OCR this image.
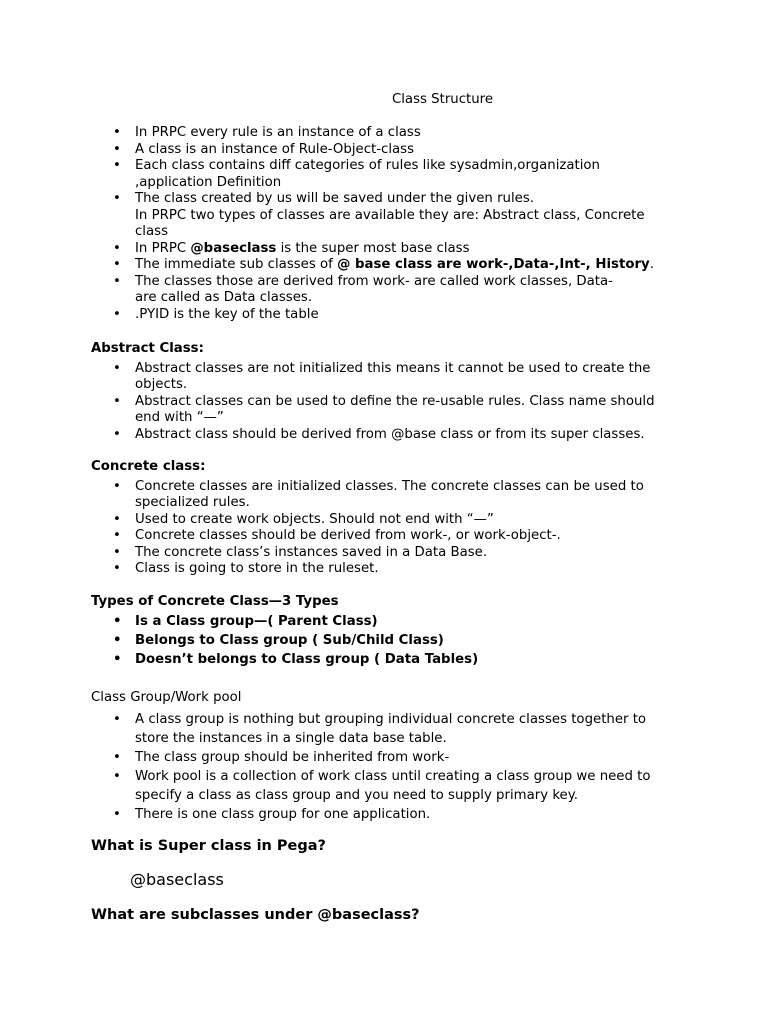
Class Structure
• In PRPC every rule is an instance of a class
• A class is an instance of Rule-Object-class
• Each class contains diff categories of rules like sysadmin,organization ,application Definition
• The class created by us will be saved under the given rules.
In PRPC two types of classes are available they are: Abstract class, Concrete class
• In PRPC @baseclass is the super most base class
• The immediate sub classes of @ base class are work-,Data-,Int-, History.
• The classes those are derived from work- are called work classes, Data- are called as Data classes.
• .PYID is the key of the table
Abstract Class:
• Abstract classes are not initialized this means it cannot be used to create the objects.
• Abstract classes can be used to define the re-usable rules. Class name should end with “—”
• Abstract class should be derived from @base class or from its super classes.
Concrete class:
• Concrete classes are initialized classes. The concrete classes can be used to specialized rules.
• Used to create work objects. Should not end with “—”
• Concrete classes should be derived from work-, or work-object-.
• The concrete class’s instances saved in a Data Base.
• Class is going to store in the ruleset.
Types of Concrete Class—3 Types
• Is a Class group—( Parent Class)
• Belongs to Class group ( Sub/Child Class)
• Doesn’t belongs to Class group ( Data Tables)
Class Group/Work pool
• A class group is nothing but grouping individual concrete classes together to store the instances in a single data base table.
• The class group should be inherited from work-
• Work pool is a collection of work class until creating a class group we need to specify a class as class group and you need to supply primary key.
• There is one class group for one application.
What is Super class in Pega?
@baseclass
What are subclasses under @baseclass?
